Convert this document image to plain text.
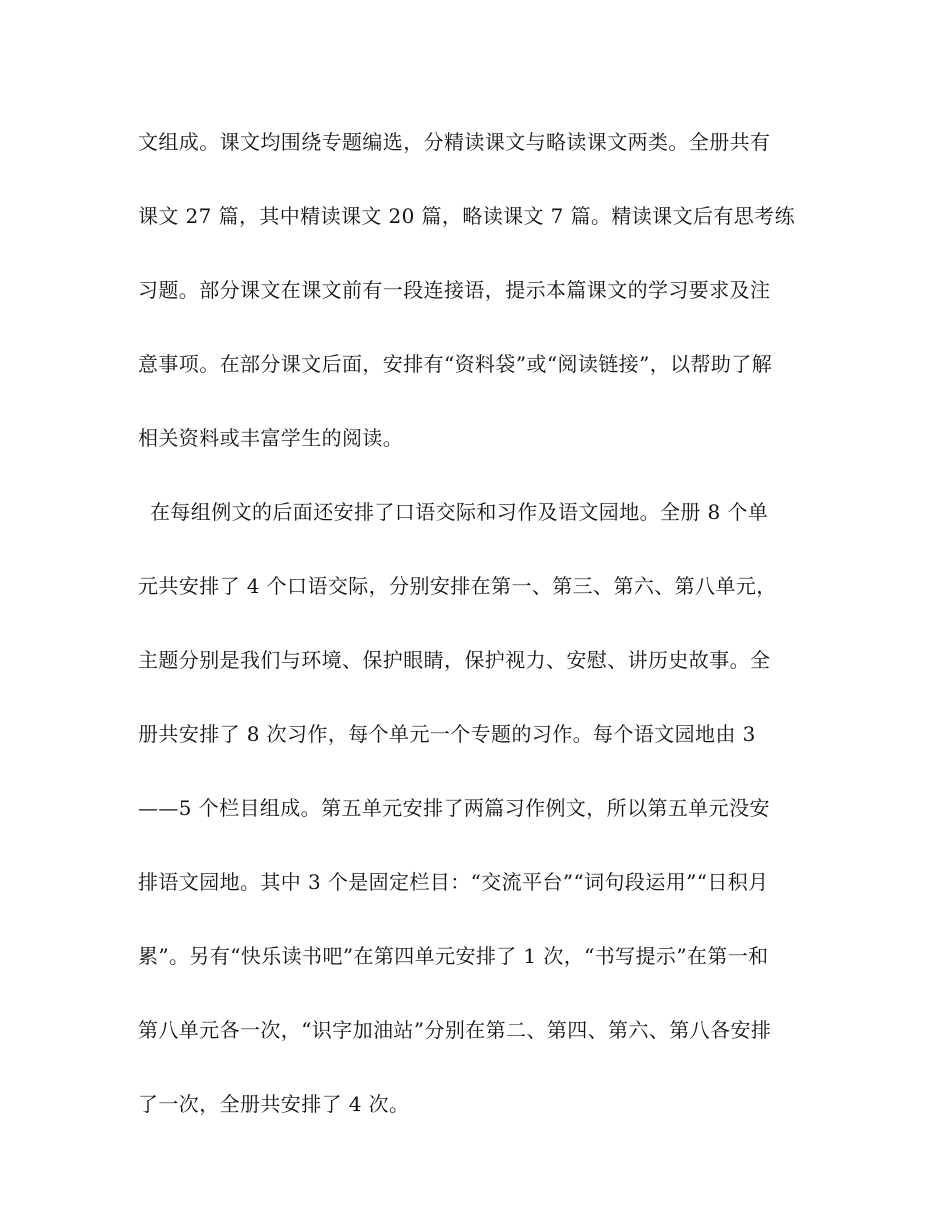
文组成。课文均围绕专题编选，分精读课文与略读课文两类。全册共有

课文 27 篇，其中精读课文 20 篇，略读课文 7 篇。精读课文后有思考练

习题。部分课文在课文前有一段连接语，提示本篇课文的学习要求及注

意事项。在部分课文后面，安排有“资料袋”或“阅读链接”，以帮助了解

相关资料或丰富学生的阅读。

在每组例文的后面还安排了口语交际和习作及语文园地。全册 8 个单

元共安排了 4 个口语交际，分别安排在第一、第三、第六、第八单元，

主题分别是我们与环境、保护眼睛，保护视力、安慰、讲历史故事。全

册共安排了 8 次习作，每个单元一个专题的习作。每个语文园地由 3

——5 个栏目组成。第五单元安排了两篇习作例文，所以第五单元没安

排语文园地。其中 3 个是固定栏目：“交流平台”“词句段运用”“日积月

累”。另有“快乐读书吧”在第四单元安排了 1 次，“书写提示”在第一和

第八单元各一次，“识字加油站”分别在第二、第四、第六、第八各安排

了一次，全册共安排了 4 次。
